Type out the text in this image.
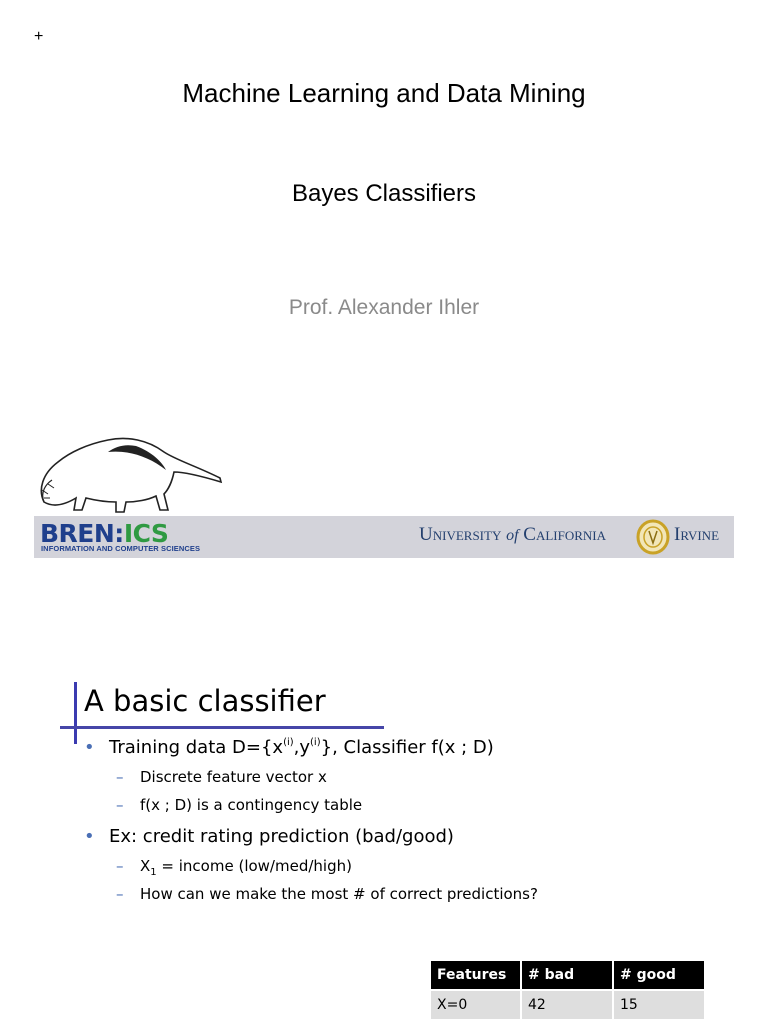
+
Machine Learning and Data Mining
Bayes Classifiers
Prof. Alexander Ihler
BREN:ICS
INFORMATION AND COMPUTER SCIENCES
University of California	Irvine
A basic classifier
• Training data $D=\{x^{(i)},y^{(i)}\}$, Classifier f(x ; D)
– Discrete feature vector x
– f(x ; D) is a contingency table
• Ex: credit rating prediction (bad/good)
– $X_1$ = income (low/med/high)
– How can we make the most # of correct predictions?
Features	# bad	# good
X=0	42	15
